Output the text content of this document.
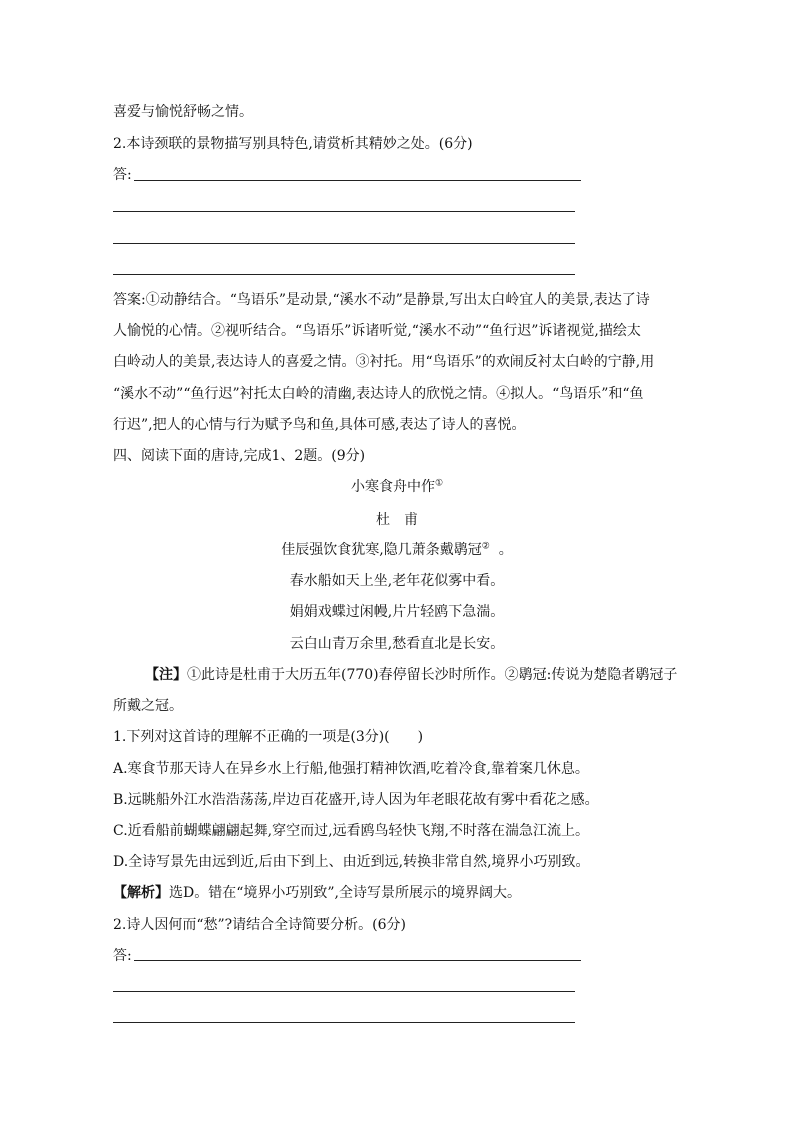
喜爱与愉悦舒畅之情。
2.本诗颈联的景物描写别具特色,请赏析其精妙之处。(6分)
答:
答案:①动静结合。“鸟语乐”是动景,“溪水不动”是静景,写出太白岭宜人的美景,表达了诗
人愉悦的心情。②视听结合。“鸟语乐”诉诸听觉,“溪水不动”“鱼行迟”诉诸视觉,描绘太
白岭动人的美景,表达诗人的喜爱之情。③衬托。用“鸟语乐”的欢闹反衬太白岭的宁静,用
“溪水不动”“鱼行迟”衬托太白岭的清幽,表达诗人的欣悦之情。④拟人。“鸟语乐”和“鱼
行迟”,把人的心情与行为赋予鸟和鱼,具体可感,表达了诗人的喜悦。
四、阅读下面的唐诗,完成1、2题。(9分)
小寒食舟中作①
杜　甫
佳辰强饮食犹寒,隐几萧条戴鹖冠② 。
春水船如天上坐,老年花似雾中看。
娟娟戏蝶过闲幔,片片轻鸥下急湍。
云白山青万余里,愁看直北是长安。
【注】①此诗是杜甫于大历五年(770)春停留长沙时所作。②鹖冠:传说为楚隐者鹖冠子
所戴之冠。
1.下列对这首诗的理解不正确的一项是(3分)(　　)
A.寒食节那天诗人在异乡水上行船,他强打精神饮酒,吃着冷食,靠着案几休息。
B.远眺船外江水浩浩荡荡,岸边百花盛开,诗人因为年老眼花故有雾中看花之感。
C.近看船前蝴蝶翩翩起舞,穿空而过,远看鸥鸟轻快飞翔,不时落在湍急江流上。
D.全诗写景先由远到近,后由下到上、由近到远,转换非常自然,境界小巧别致。
【解析】选D。错在“境界小巧别致”,全诗写景所展示的境界阔大。
2.诗人因何而“愁”?请结合全诗简要分析。(6分)
答:
